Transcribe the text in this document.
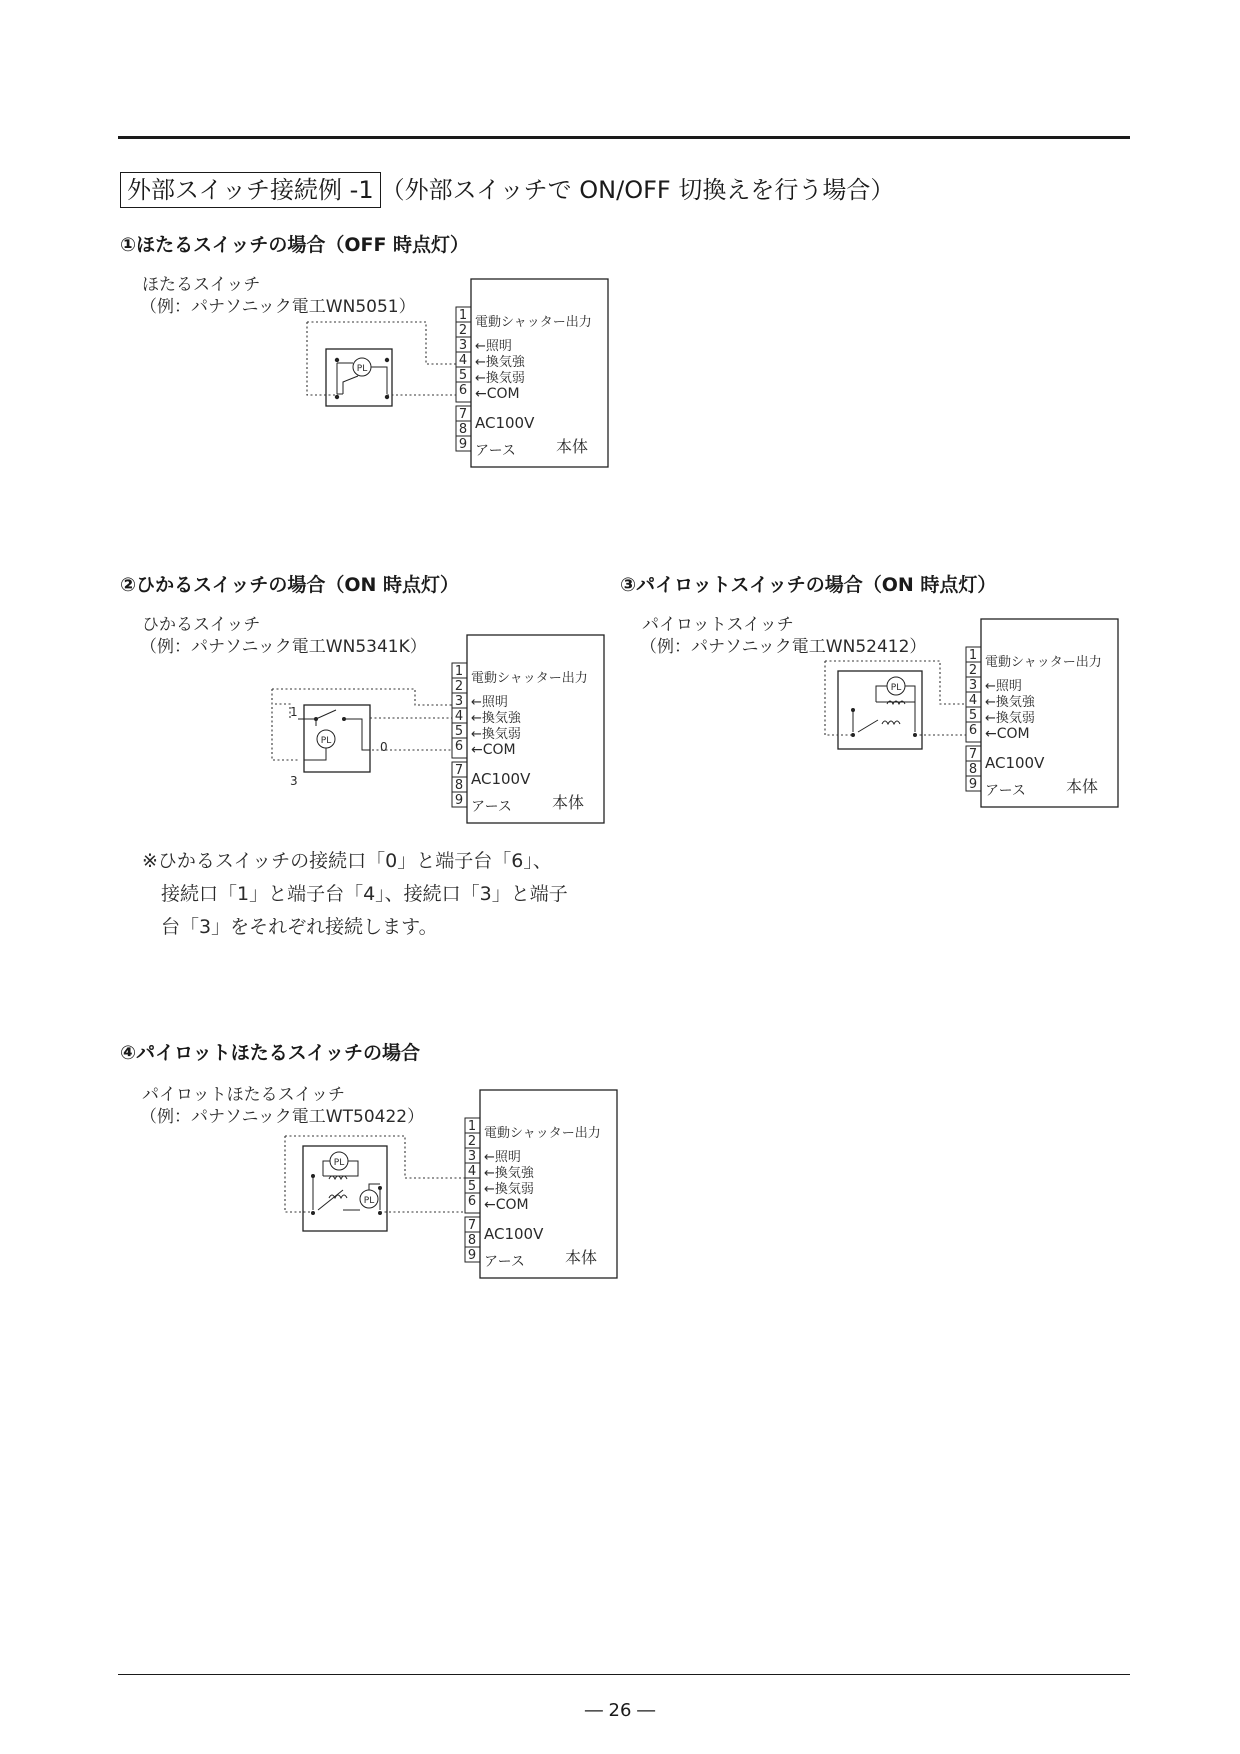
外部スイッチ接続例 -1 （外部スイッチで ON/OFF 切換えを行う場合）
①ほたるスイッチの場合（OFF 時点灯）
ほたるスイッチ
（例：パナソニック電工WN5051）
PL
1
2
3
4
5
6
7
8
9
電動シャッター出力
←照明
←換気強
←換気弱
←COM
AC100V
アース	本体
②ひかるスイッチの場合（ON 時点灯）
ひかるスイッチ
（例：パナソニック電工WN5341K）
PL
1
0
3
1
2
3
4
5
6
7
8
9
電動シャッター出力
←照明
←換気強
←換気弱
←COM
AC100V
アース	本体
③パイロットスイッチの場合（ON 時点灯）
パイロットスイッチ
（例：パナソニック電工WN52412）
PL
1
2
3
4
5
6
7
8
9
電動シャッター出力
←照明
←換気強
←換気弱
←COM
AC100V
アース	本体
※ひかるスイッチの接続口「0」と端子台「6」、
接続口「1」と端子台「4」、接続口「3」と端子
台「3」をそれぞれ接続します。
④パイロットほたるスイッチの場合
パイロットほたるスイッチ
（例：パナソニック電工WT50422）
PL
PL
1
2
3
4
5
6
7
8
9
電動シャッター出力
←照明
←換気強
←換気弱
←COM
AC100V
アース	本体
― 26 ―
